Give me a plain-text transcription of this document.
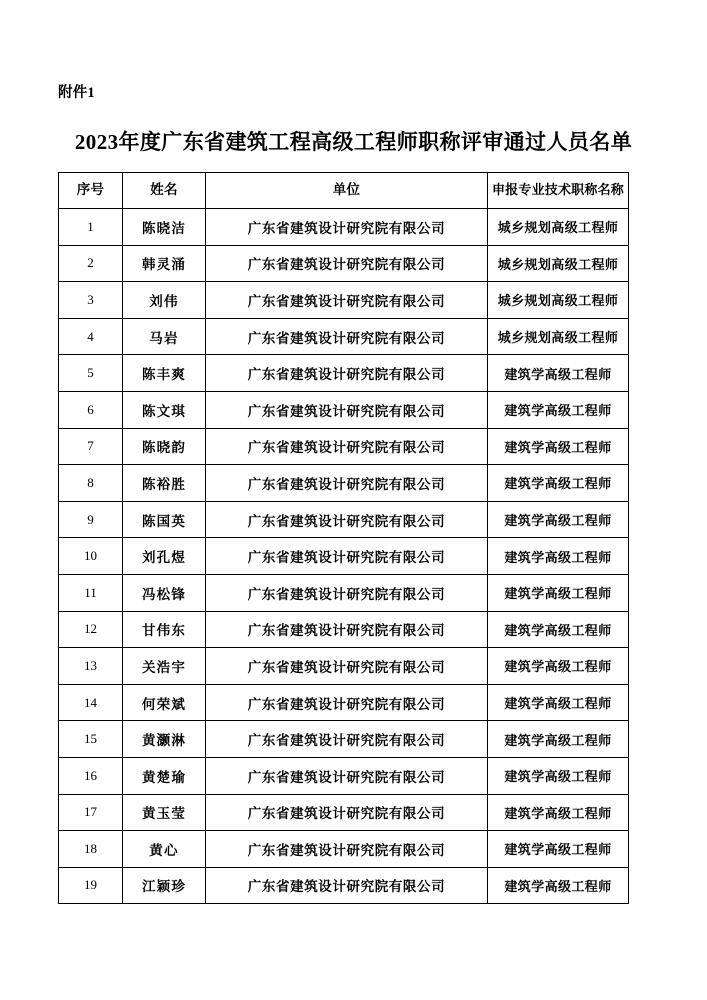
附件1
2023年度广东省建筑工程高级工程师职称评审通过人员名单
序号	姓名	单位	申报专业技术职称名称
1	陈晓洁	广东省建筑设计研究院有限公司	城乡规划高级工程师
2	韩灵涌	广东省建筑设计研究院有限公司	城乡规划高级工程师
3	刘伟	广东省建筑设计研究院有限公司	城乡规划高级工程师
4	马岩	广东省建筑设计研究院有限公司	城乡规划高级工程师
5	陈丰爽	广东省建筑设计研究院有限公司	建筑学高级工程师
6	陈文琪	广东省建筑设计研究院有限公司	建筑学高级工程师
7	陈晓韵	广东省建筑设计研究院有限公司	建筑学高级工程师
8	陈裕胜	广东省建筑设计研究院有限公司	建筑学高级工程师
9	陈国英	广东省建筑设计研究院有限公司	建筑学高级工程师
10	刘孔煜	广东省建筑设计研究院有限公司	建筑学高级工程师
11	冯松锋	广东省建筑设计研究院有限公司	建筑学高级工程师
12	甘伟东	广东省建筑设计研究院有限公司	建筑学高级工程师
13	关浩宇	广东省建筑设计研究院有限公司	建筑学高级工程师
14	何荣斌	广东省建筑设计研究院有限公司	建筑学高级工程师
15	黄灏淋	广东省建筑设计研究院有限公司	建筑学高级工程师
16	黄楚瑜	广东省建筑设计研究院有限公司	建筑学高级工程师
17	黄玉莹	广东省建筑设计研究院有限公司	建筑学高级工程师
18	黄心	广东省建筑设计研究院有限公司	建筑学高级工程师
19	江颖珍	广东省建筑设计研究院有限公司	建筑学高级工程师
